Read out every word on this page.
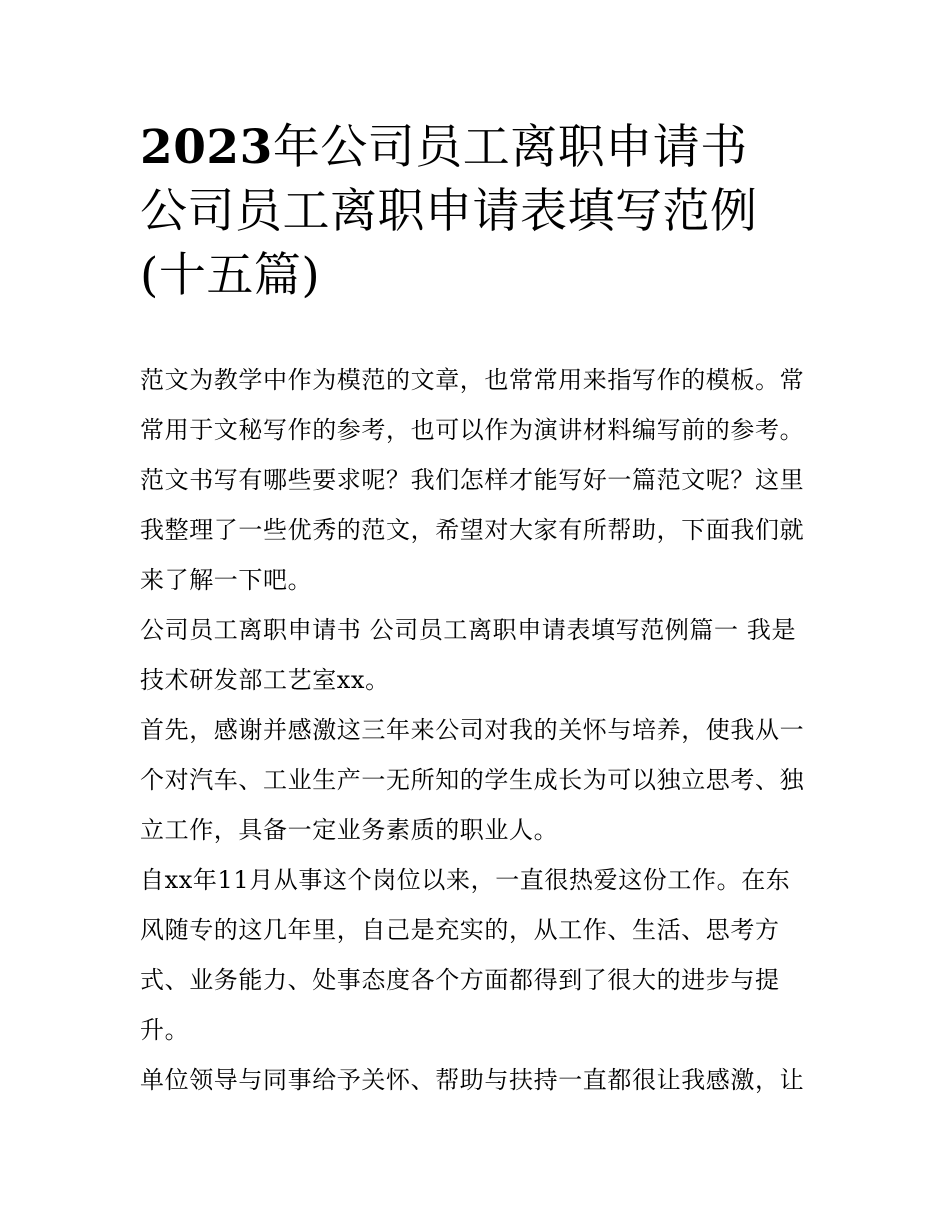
2023年公司员工离职申请书
公司员工离职申请表填写范例
(十五篇)
范文为教学中作为模范的文章，也常常用来指写作的模板。常
常用于文秘写作的参考，也可以作为演讲材料编写前的参考。
范文书写有哪些要求呢？我们怎样才能写好一篇范文呢？这里
我整理了一些优秀的范文，希望对大家有所帮助，下面我们就
来了解一下吧。
公司员工离职申请书 公司员工离职申请表填写范例篇一 我是
技术研发部工艺室xx。
首先，感谢并感激这三年来公司对我的关怀与培养，使我从一
个对汽车、工业生产一无所知的学生成长为可以独立思考、独
立工作，具备一定业务素质的职业人。
自xx年11月从事这个岗位以来，一直很热爱这份工作。在东
风随专的这几年里，自己是充实的，从工作、生活、思考方
式、业务能力、处事态度各个方面都得到了很大的进步与提
升。
单位领导与同事给予关怀、帮助与扶持一直都很让我感激，让
